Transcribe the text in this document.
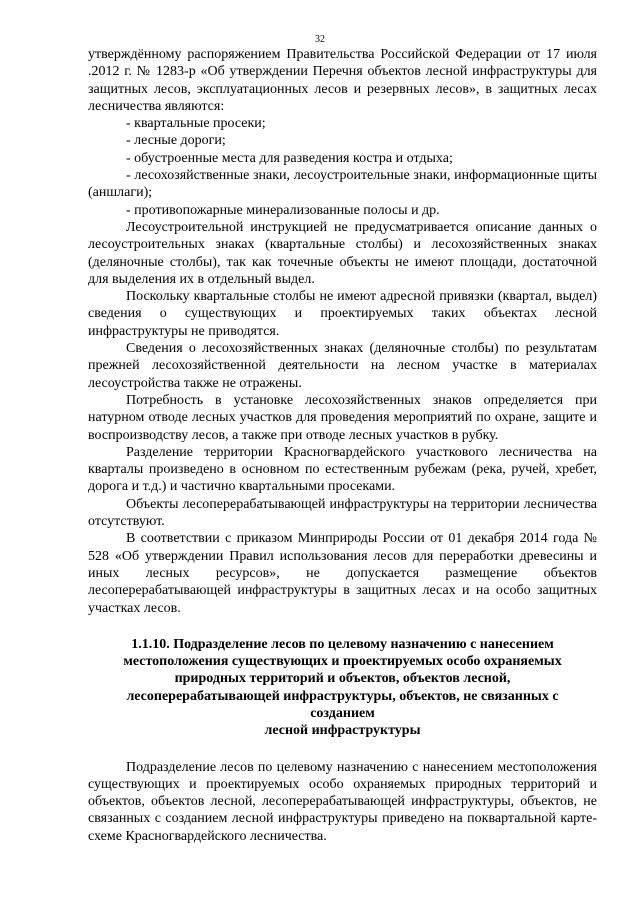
32

утверждённому распоряжением Правительства Российской Федерации от 17 июля .2012 г. № 1283-р «Об утверждении Перечня объектов лесной инфраструктуры для защитных лесов, эксплуатационных лесов и резервных лесов», в защитных лесах лесничества являются:

- квартальные просеки;

- лесные дороги;

- обустроенные места для разведения костра и отдыха;

- лесохозяйственные знаки, лесоустроительные знаки, информационные щиты (аншлаги);

- противопожарные минерализованные полосы и др.

Лесоустроительной инструкцией не предусматривается описание данных о лесоустроительных знаках (квартальные столбы) и лесохозяйственных знаках (деляночные столбы), так как точечные объекты не имеют площади, достаточной для выделения их в отдельный выдел.

Поскольку квартальные столбы не имеют адресной привязки (квартал, выдел) сведения о существующих и проектируемых таких объектах лесной инфраструктуры не приводятся.

Сведения о лесохозяйственных знаках (деляночные столбы) по результатам прежней лесохозяйственной деятельности на лесном участке в материалах лесоустройства также не отражены.

Потребность в установке лесохозяйственных знаков определяется при натурном отводе лесных участков для проведения мероприятий по охране, защите и воспроизводству лесов, а также при отводе лесных участков в рубку.

Разделение территории Красногвардейского участкового лесничества на кварталы произведено в основном по естественным рубежам (река, ручей, хребет, дорога и т.д.) и частично квартальными просеками.

Объекты лесоперерабатывающей инфраструктуры на территории лесничества отсутствуют.

В соответствии с приказом Минприроды России от 01 декабря 2014 года № 528 «Об утверждении Правил использования лесов для переработки древесины и иных лесных ресурсов», не допускается размещение объектов лесоперерабатывающей инфраструктуры в защитных лесах и на особо защитных участках лесов.

1.1.10. Подразделение лесов по целевому назначению с нанесением
местоположения существующих и проектируемых особо охраняемых
природных территорий и объектов, объектов лесной,
лесоперерабатывающей инфраструктуры, объектов, не связанных с
созданием
лесной инфраструктуры

Подразделение лесов по целевому назначению с нанесением местоположения существующих и проектируемых особо охраняемых природных территорий и объектов, объектов лесной, лесоперерабатывающей инфраструктуры, объектов, не связанных с созданием лесной инфраструктуры приведено на поквартальной карте-схеме Красногвардейского лесничества.
